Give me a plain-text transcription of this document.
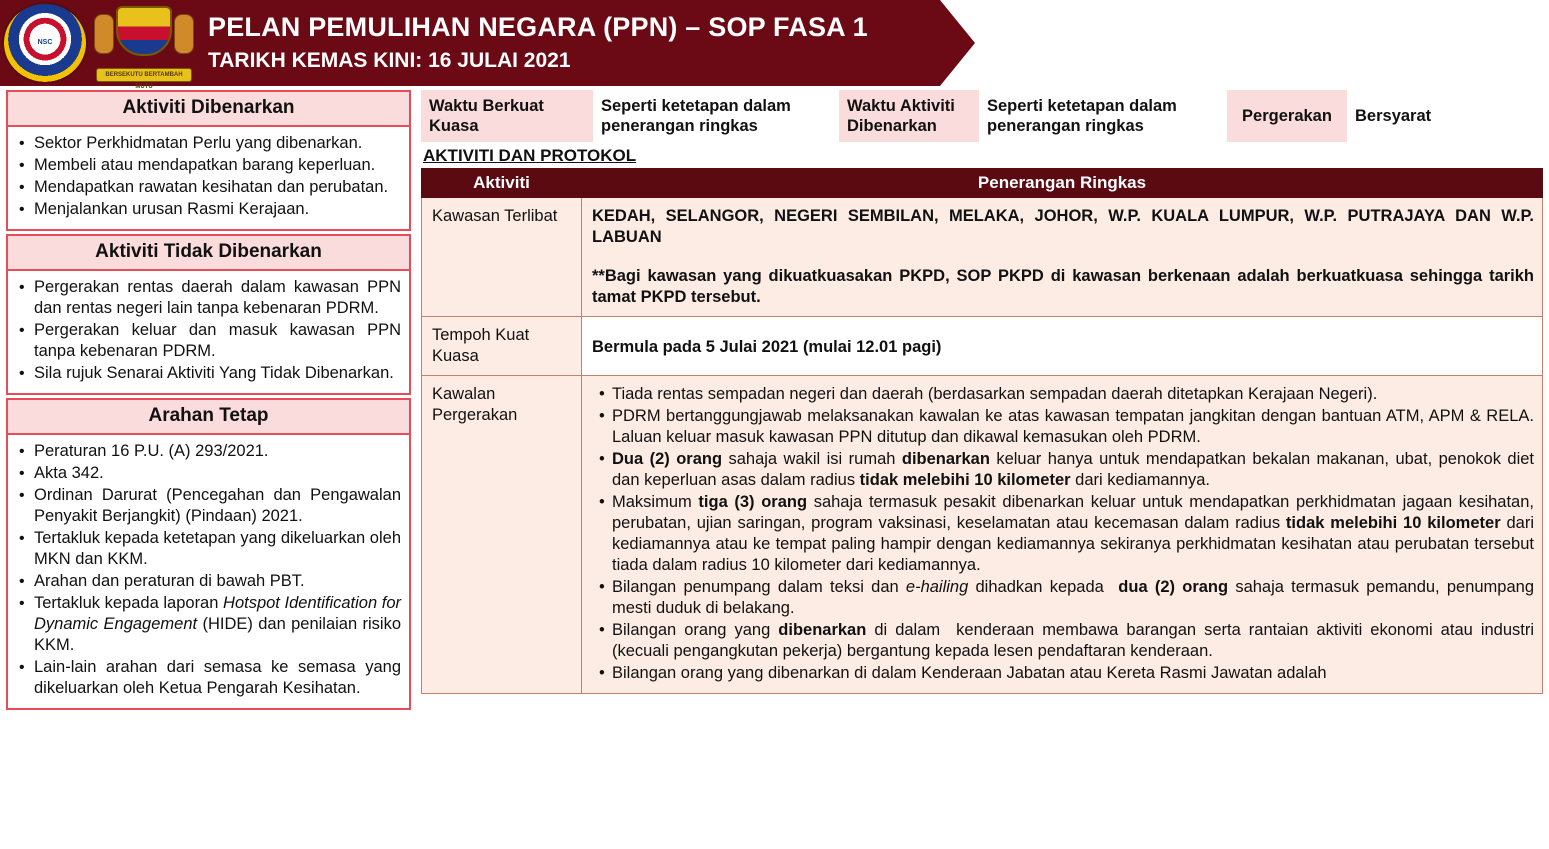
NSC
★
BERSEKUTU BERTAMBAH MUTU
PELAN PEMULIHAN NEGARA (PPN) – SOP FASA 1
TARIKH KEMAS KINI: 16 JULAI 2021
Aktiviti Dibenarkan
• Sektor Perkhidmatan Perlu yang dibenarkan.
• Membeli atau mendapatkan barang keperluan.
• Mendapatkan rawatan kesihatan dan perubatan.
• Menjalankan urusan Rasmi Kerajaan.
Aktiviti Tidak Dibenarkan
• Pergerakan rentas daerah dalam kawasan PPN dan rentas negeri lain tanpa kebenaran PDRM.
• Pergerakan keluar dan masuk kawasan PPN tanpa kebenaran PDRM.
• Sila rujuk Senarai Aktiviti Yang Tidak Dibenarkan.
Arahan Tetap
• Peraturan 16 P.U. (A) 293/2021.
• Akta 342.
• Ordinan Darurat (Pencegahan dan Pengawalan Penyakit Berjangkit) (Pindaan) 2021.
• Tertakluk kepada ketetapan yang dikeluarkan oleh MKN dan KKM.
• Arahan dan peraturan di bawah PBT.
• Tertakluk kepada laporan Hotspot Identification for Dynamic Engagement (HIDE) dan penilaian risiko KKM.
• Lain-lain arahan dari semasa ke semasa yang dikeluarkan oleh Ketua Pengarah Kesihatan.
Waktu Berkuat Kuasa
Seperti ketetapan dalam penerangan ringkas
Waktu Aktiviti Dibenarkan
Seperti ketetapan dalam penerangan ringkas
Pergerakan	Bersyarat
AKTIVITI DAN PROTOKOL
Aktiviti	Penerangan Ringkas
Kawasan Terlibat	KEDAH, SELANGOR, NEGERI SEMBILAN, MELAKA, JOHOR, W.P. KUALA LUMPUR, W.P. PUTRAJAYA DAN W.P. LABUAN
**Bagi kawasan yang dikuatkuasakan PKPD, SOP PKPD di kawasan berkenaan adalah berkuatkuasa sehingga tarikh tamat PKPD tersebut.

Tempoh Kuat Kuasa	Bermula pada 5 Julai 2021 (mulai 12.01 pagi)

Kawalan Pergerakan	
• Tiada rentas sempadan negeri dan daerah (berdasarkan sempadan daerah ditetapkan Kerajaan Negeri).
• PDRM bertanggungjawab melaksanakan kawalan ke atas kawasan tempatan jangkitan dengan bantuan ATM, APM & RELA. Laluan keluar masuk kawasan PPN ditutup dan dikawal kemasukan oleh PDRM.
• Dua (2) orang sahaja wakil isi rumah dibenarkan keluar hanya untuk mendapatkan bekalan makanan, ubat, penokok diet dan keperluan asas dalam radius tidak melebihi 10 kilometer dari kediamannya.
• Maksimum tiga (3) orang sahaja termasuk pesakit dibenarkan keluar untuk mendapatkan perkhidmatan jagaan kesihatan, perubatan, ujian saringan, program vaksinasi, keselamatan atau kecemasan dalam radius tidak melebihi 10 kilometer dari kediamannya atau ke tempat paling hampir dengan kediamannya sekiranya perkhidmatan kesihatan atau perubatan tersebut tiada dalam radius 10 kilometer dari kediamannya.
• Bilangan penumpang dalam teksi dan e-hailing dihadkan kepada  dua (2) orang sahaja termasuk pemandu, penumpang mesti duduk di belakang.
• Bilangan orang yang dibenarkan di dalam  kenderaan membawa barangan serta rantaian aktiviti ekonomi atau industri (kecuali pengangkutan pekerja) bergantung kepada lesen pendaftaran kenderaan.
• Bilangan orang yang dibenarkan di dalam Kenderaan Jabatan atau Kereta Rasmi Jawatan adalah
